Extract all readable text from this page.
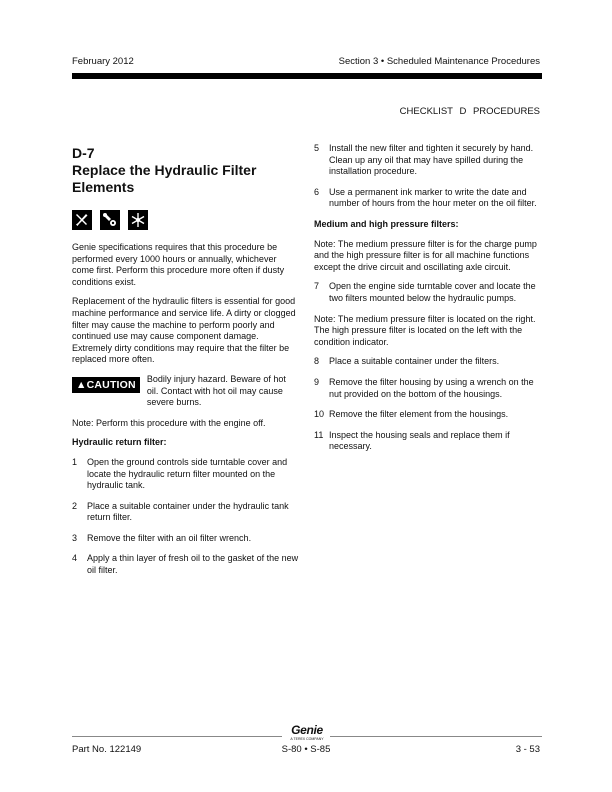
February 2012	Section 3 • Scheduled Maintenance Procedures
CHECKLIST D PROCEDURES
D-7
Replace the Hydraulic Filter Elements

Genie specifications requires that this procedure be performed every 1000 hours or annually, whichever come first. Perform this procedure more often if dusty conditions exist.

Replacement of the hydraulic filters is essential for good machine performance and service life. A dirty or clogged filter may cause the machine to perform poorly and continued use may cause component damage. Extremely dirty conditions may require that the filter be replaced more often.

▲CAUTION	Bodily injury hazard. Beware of hot oil. Contact with hot oil may cause severe burns.

Note: Perform this procedure with the engine off.

Hydraulic return filter:

1	Open the ground controls side turntable cover and locate the hydraulic return filter mounted on the hydraulic tank.
2	Place a suitable container under the hydraulic tank return filter.
3	Remove the filter with an oil filter wrench.
4	Apply a thin layer of fresh oil to the gasket of the new oil filter.
5	Install the new filter and tighten it securely by hand. Clean up any oil that may have spilled during the installation procedure.
6	Use a permanent ink marker to write the date and number of hours from the hour meter on the oil filter.

Medium and high pressure filters:

Note: The medium pressure filter is for the charge pump and the high pressure filter is for all machine functions except the drive circuit and oscillating axle circuit.

7	Open the engine side turntable cover and locate the two filters mounted below the hydraulic pumps.

Note: The medium pressure filter is located on the right. The high pressure filter is located on the left with the condition indicator.

8	Place a suitable container under the filters.
9	Remove the filter housing by using a wrench on the nut provided on the bottom of the housings.
10 Remove the filter element from the housings.
11 Inspect the housing seals and replace them if necessary.
Genie
A TEREX COMPANY
Part No. 122149	S-80 • S-85	3 - 53
